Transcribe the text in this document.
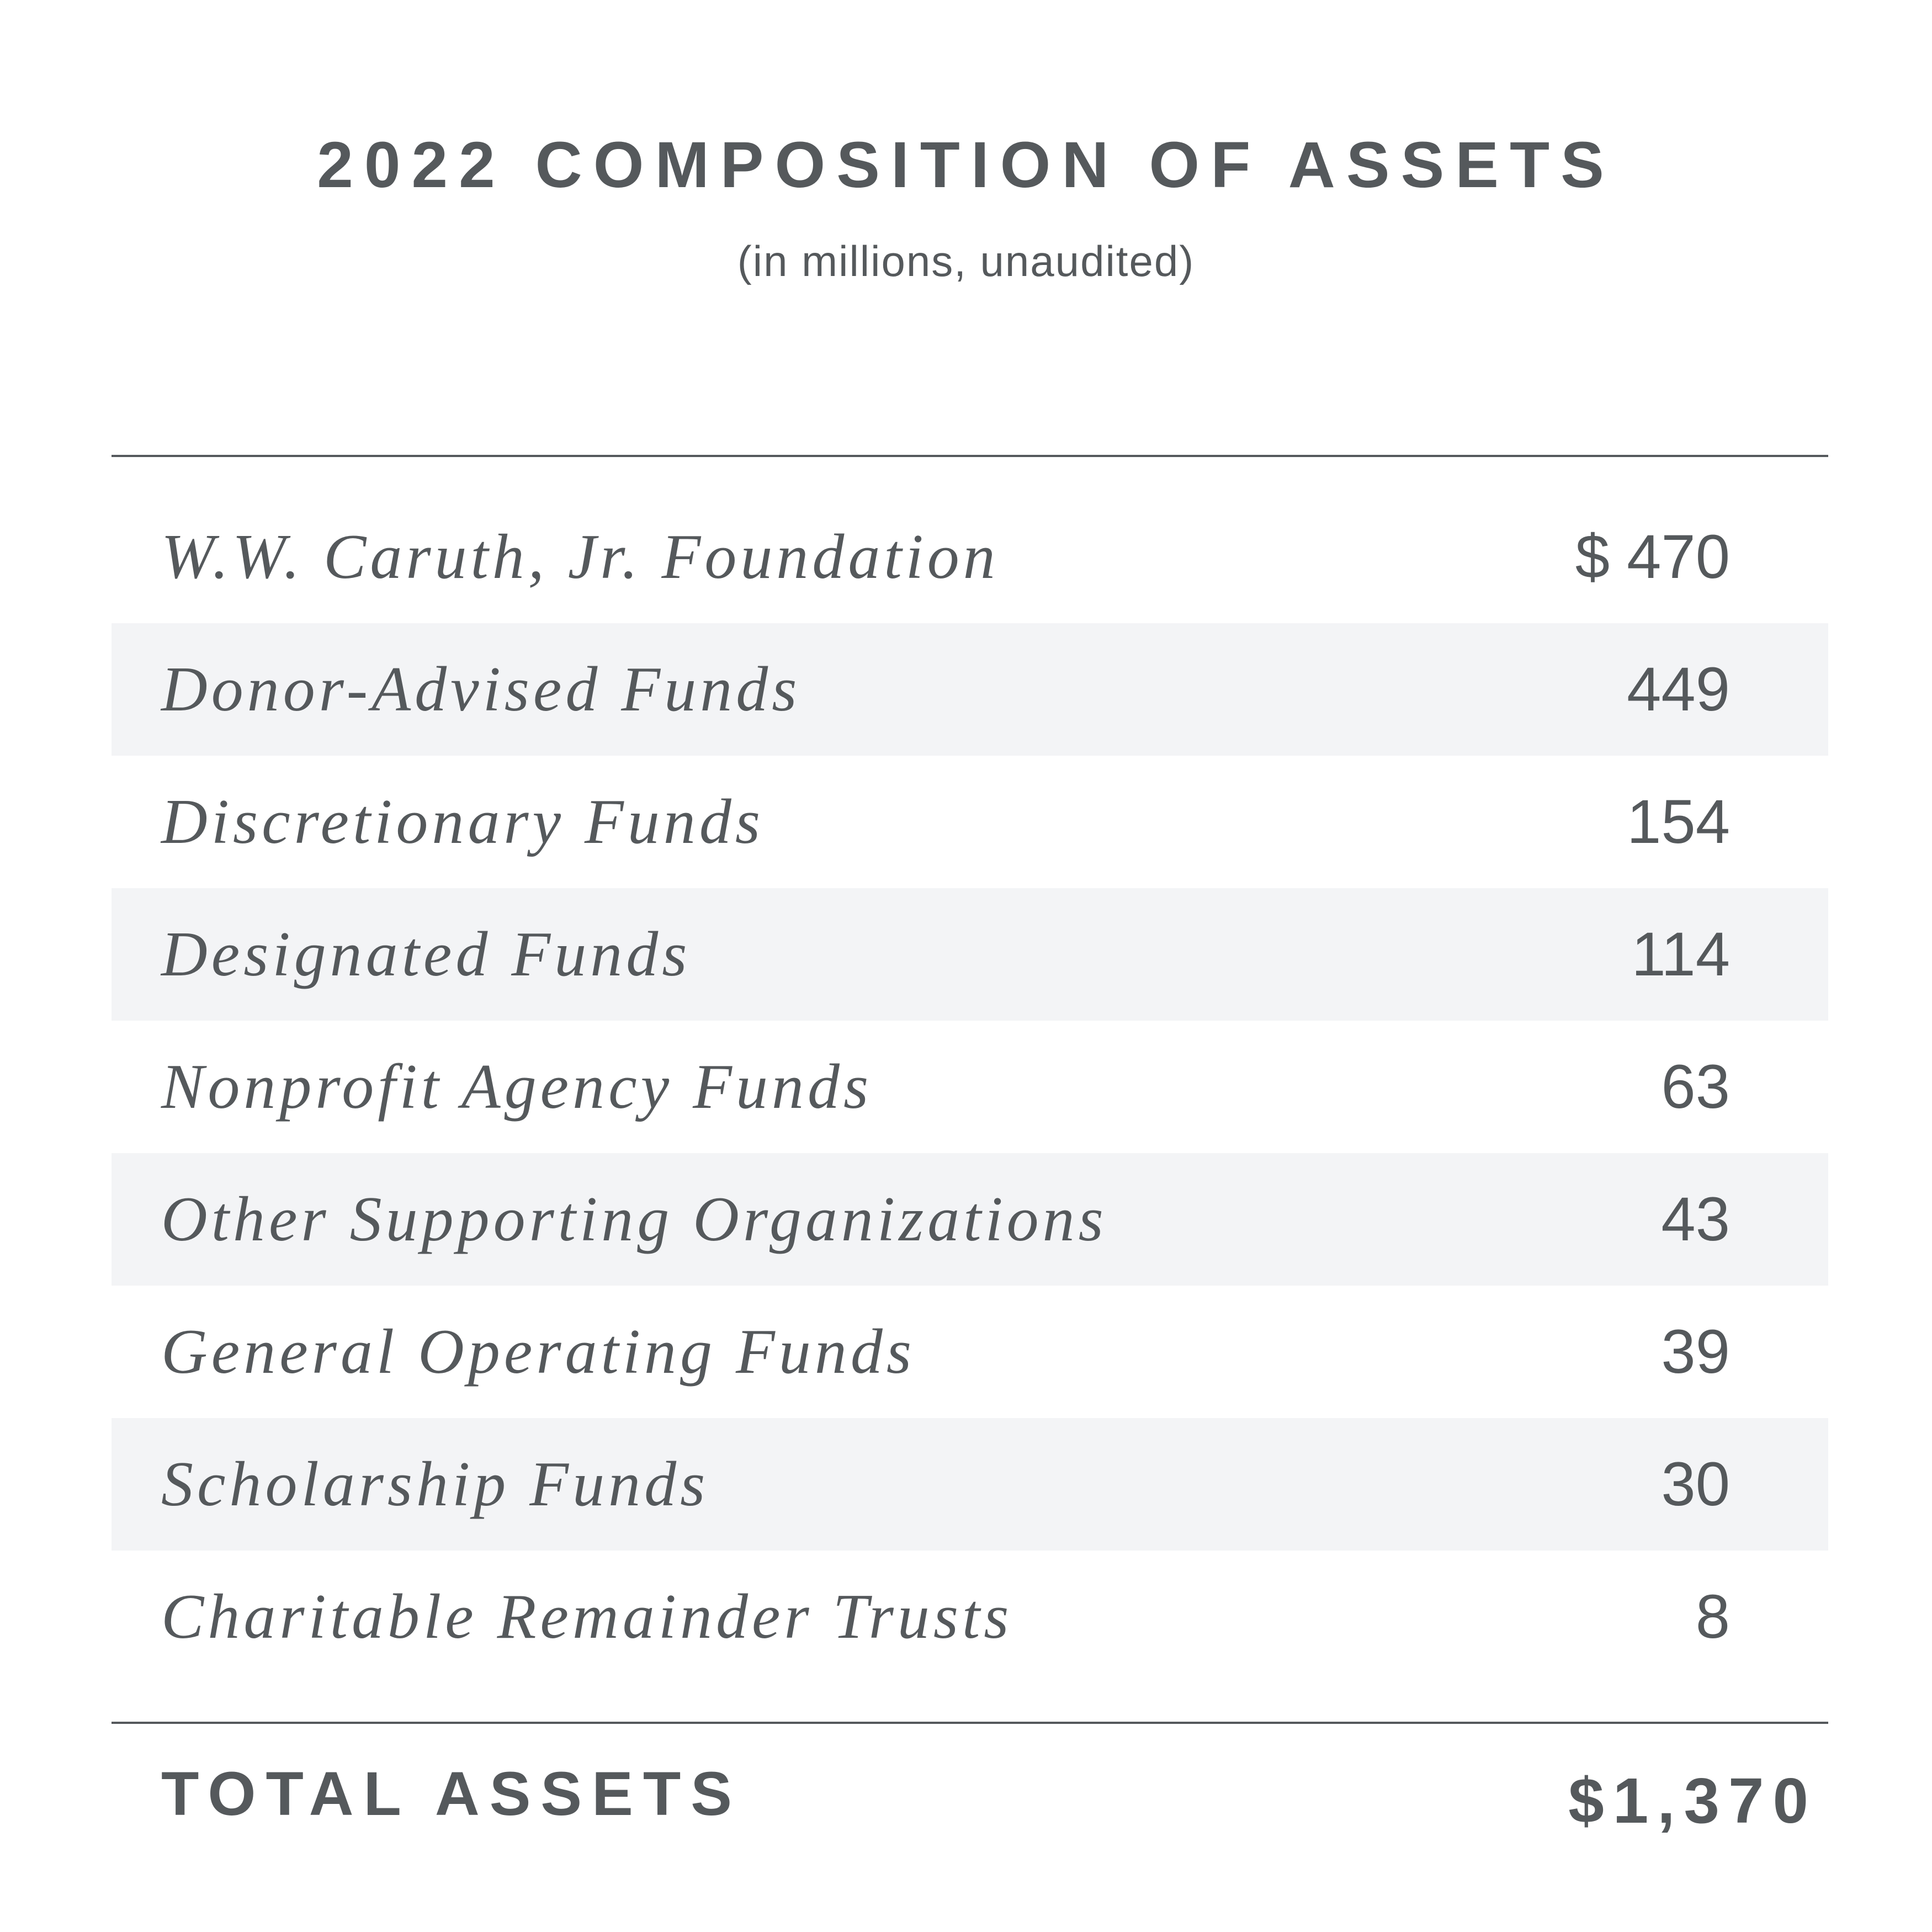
2022 COMPOSITION OF ASSETS
(in millions, unaudited)
W.W. Caruth, Jr. Foundation	$ 470
Donor-Advised Funds	449
Discretionary Funds	154
Designated Funds	114
Nonprofit Agency Funds	63
Other Supporting Organizations	43
General Operating Funds	39
Scholarship Funds	30
Charitable Remainder Trusts	8
TOTAL ASSETS	$1,370
